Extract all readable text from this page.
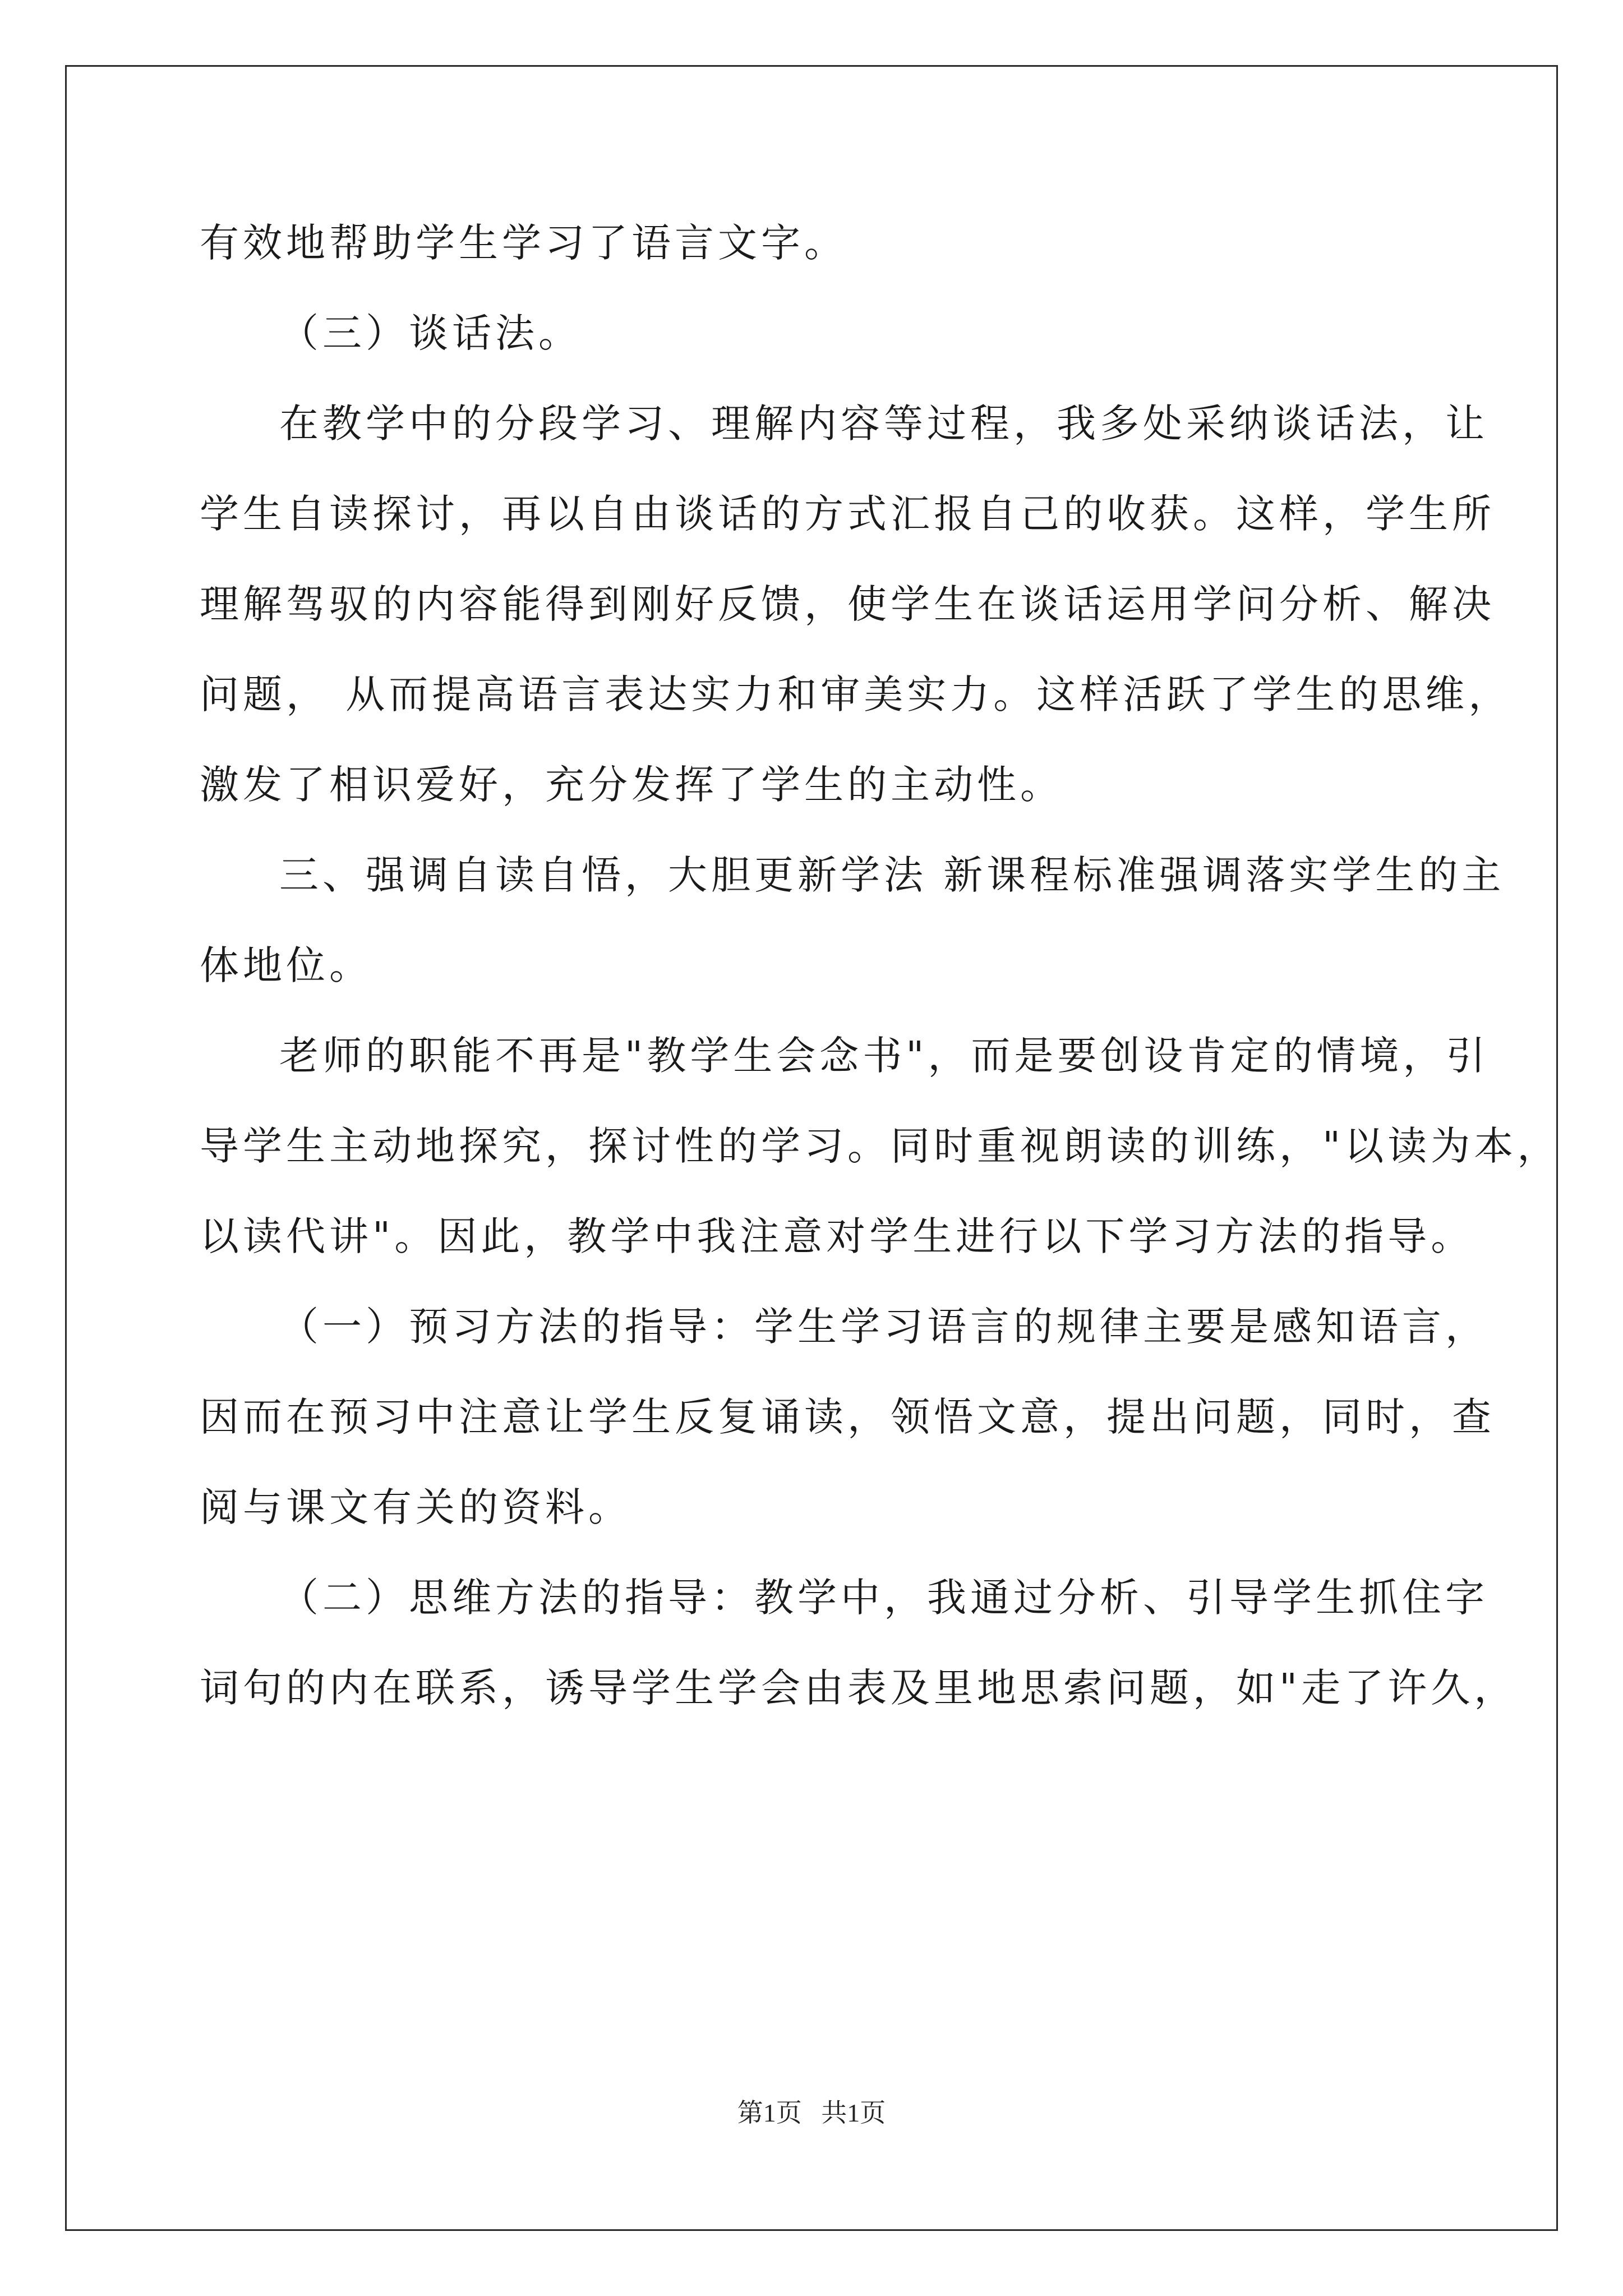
有效地帮助学生学习了语言文字。
（三）谈话法。
在教学中的分段学习、理解内容等过程，我多处采纳谈话法，让
学生自读探讨，再以自由谈话的方式汇报自己的收获。这样，学生所
理解驾驭的内容能得到刚好反馈，使学生在谈话运用学问分析、解决
问题， 从而提高语言表达实力和审美实力。这样活跃了学生的思维，
激发了相识爱好，充分发挥了学生的主动性。
三、强调自读自悟，大胆更新学法 新课程标准强调落实学生的主
体地位。
老师的职能不再是"教学生会念书"，而是要创设肯定的情境，引
导学生主动地探究，探讨性的学习。同时重视朗读的训练，"以读为本，
以读代讲"。因此，教学中我注意对学生进行以下学习方法的指导。
（一）预习方法的指导：学生学习语言的规律主要是感知语言，
因而在预习中注意让学生反复诵读，领悟文意，提出问题，同时，查
阅与课文有关的资料。
（二）思维方法的指导：教学中，我通过分析、引导学生抓住字
词句的内在联系，诱导学生学会由表及里地思索问题，如"走了许久，
第1页   共1页
